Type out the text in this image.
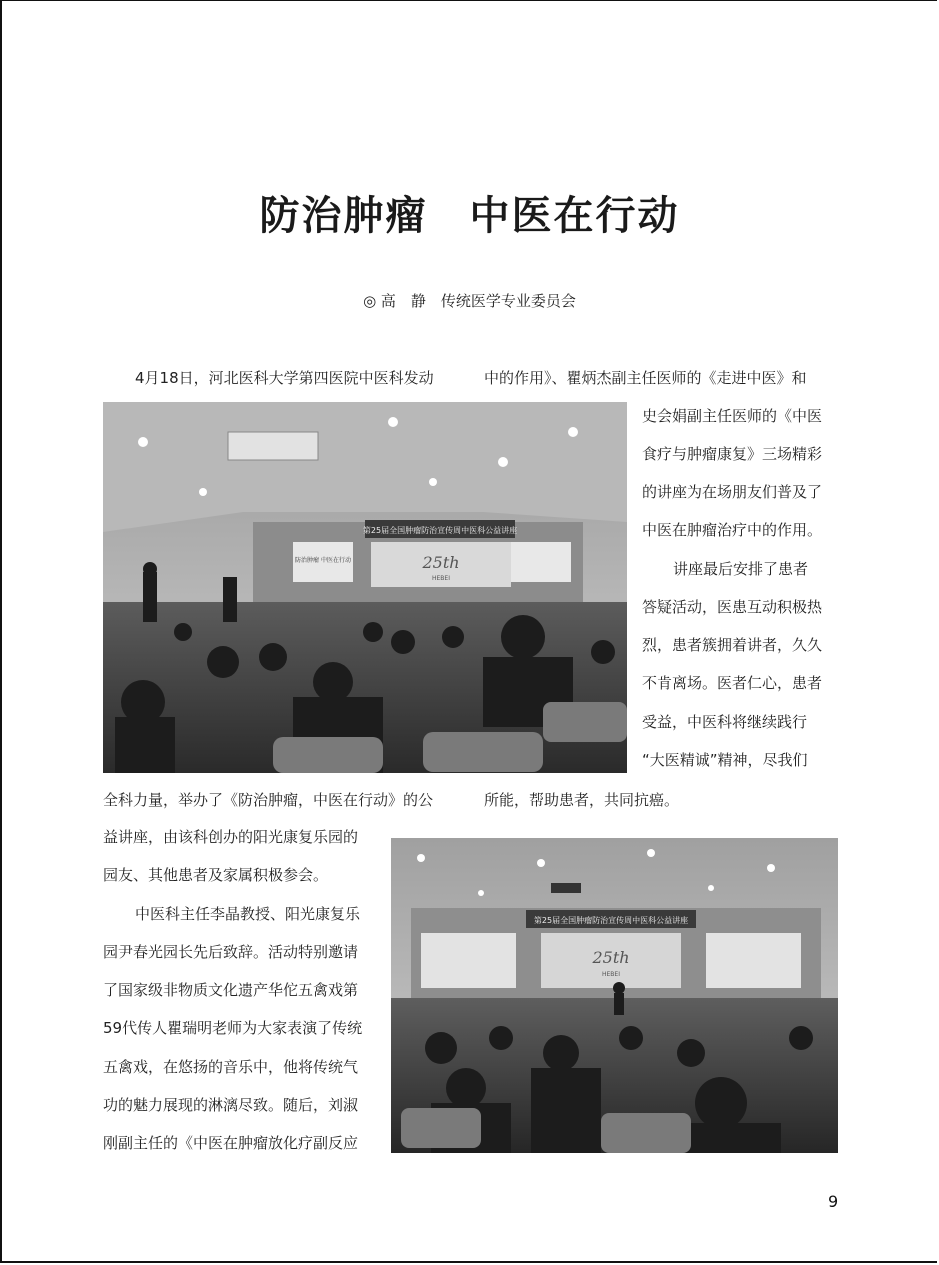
防治肿瘤　中医在行动
◎ 高　静　传统医学专业委员会
4月18日，河北医科大学第四医院中医科发动	中的作用》、瞿炳杰副主任医师的《走进中医》和
史会娟副主任医师的《中医
食疗与肿瘤康复》三场精彩
的讲座为在场朋友们普及了
中医在肿瘤治疗中的作用。
讲座最后安排了患者
答疑活动，医患互动积极热
烈，患者簇拥着讲者，久久
不肯离场。医者仁心，患者
受益，中医科将继续践行
“大医精诚”精神，尽我们
全科力量，举办了《防治肿瘤，中医在行动》的公	所能，帮助患者，共同抗癌。
益讲座，由该科创办的阳光康复乐园的
园友、其他患者及家属积极参会。
中医科主任李晶教授、阳光康复乐
园尹春光园长先后致辞。活动特别邀请
了国家级非物质文化遗产华佗五禽戏第
59代传人瞿瑞明老师为大家表演了传统
五禽戏，在悠扬的音乐中，他将传统气
功的魅力展现的淋漓尽致。随后，刘淑
刚副主任的《中医在肿瘤放化疗副反应
第25届全国肿瘤防治宣传周中医科公益讲座
防治肿瘤 中医在行动	25th
HEBEI
第25届全国肿瘤防治宣传周中医科公益讲座
25th
HEBEI
9
